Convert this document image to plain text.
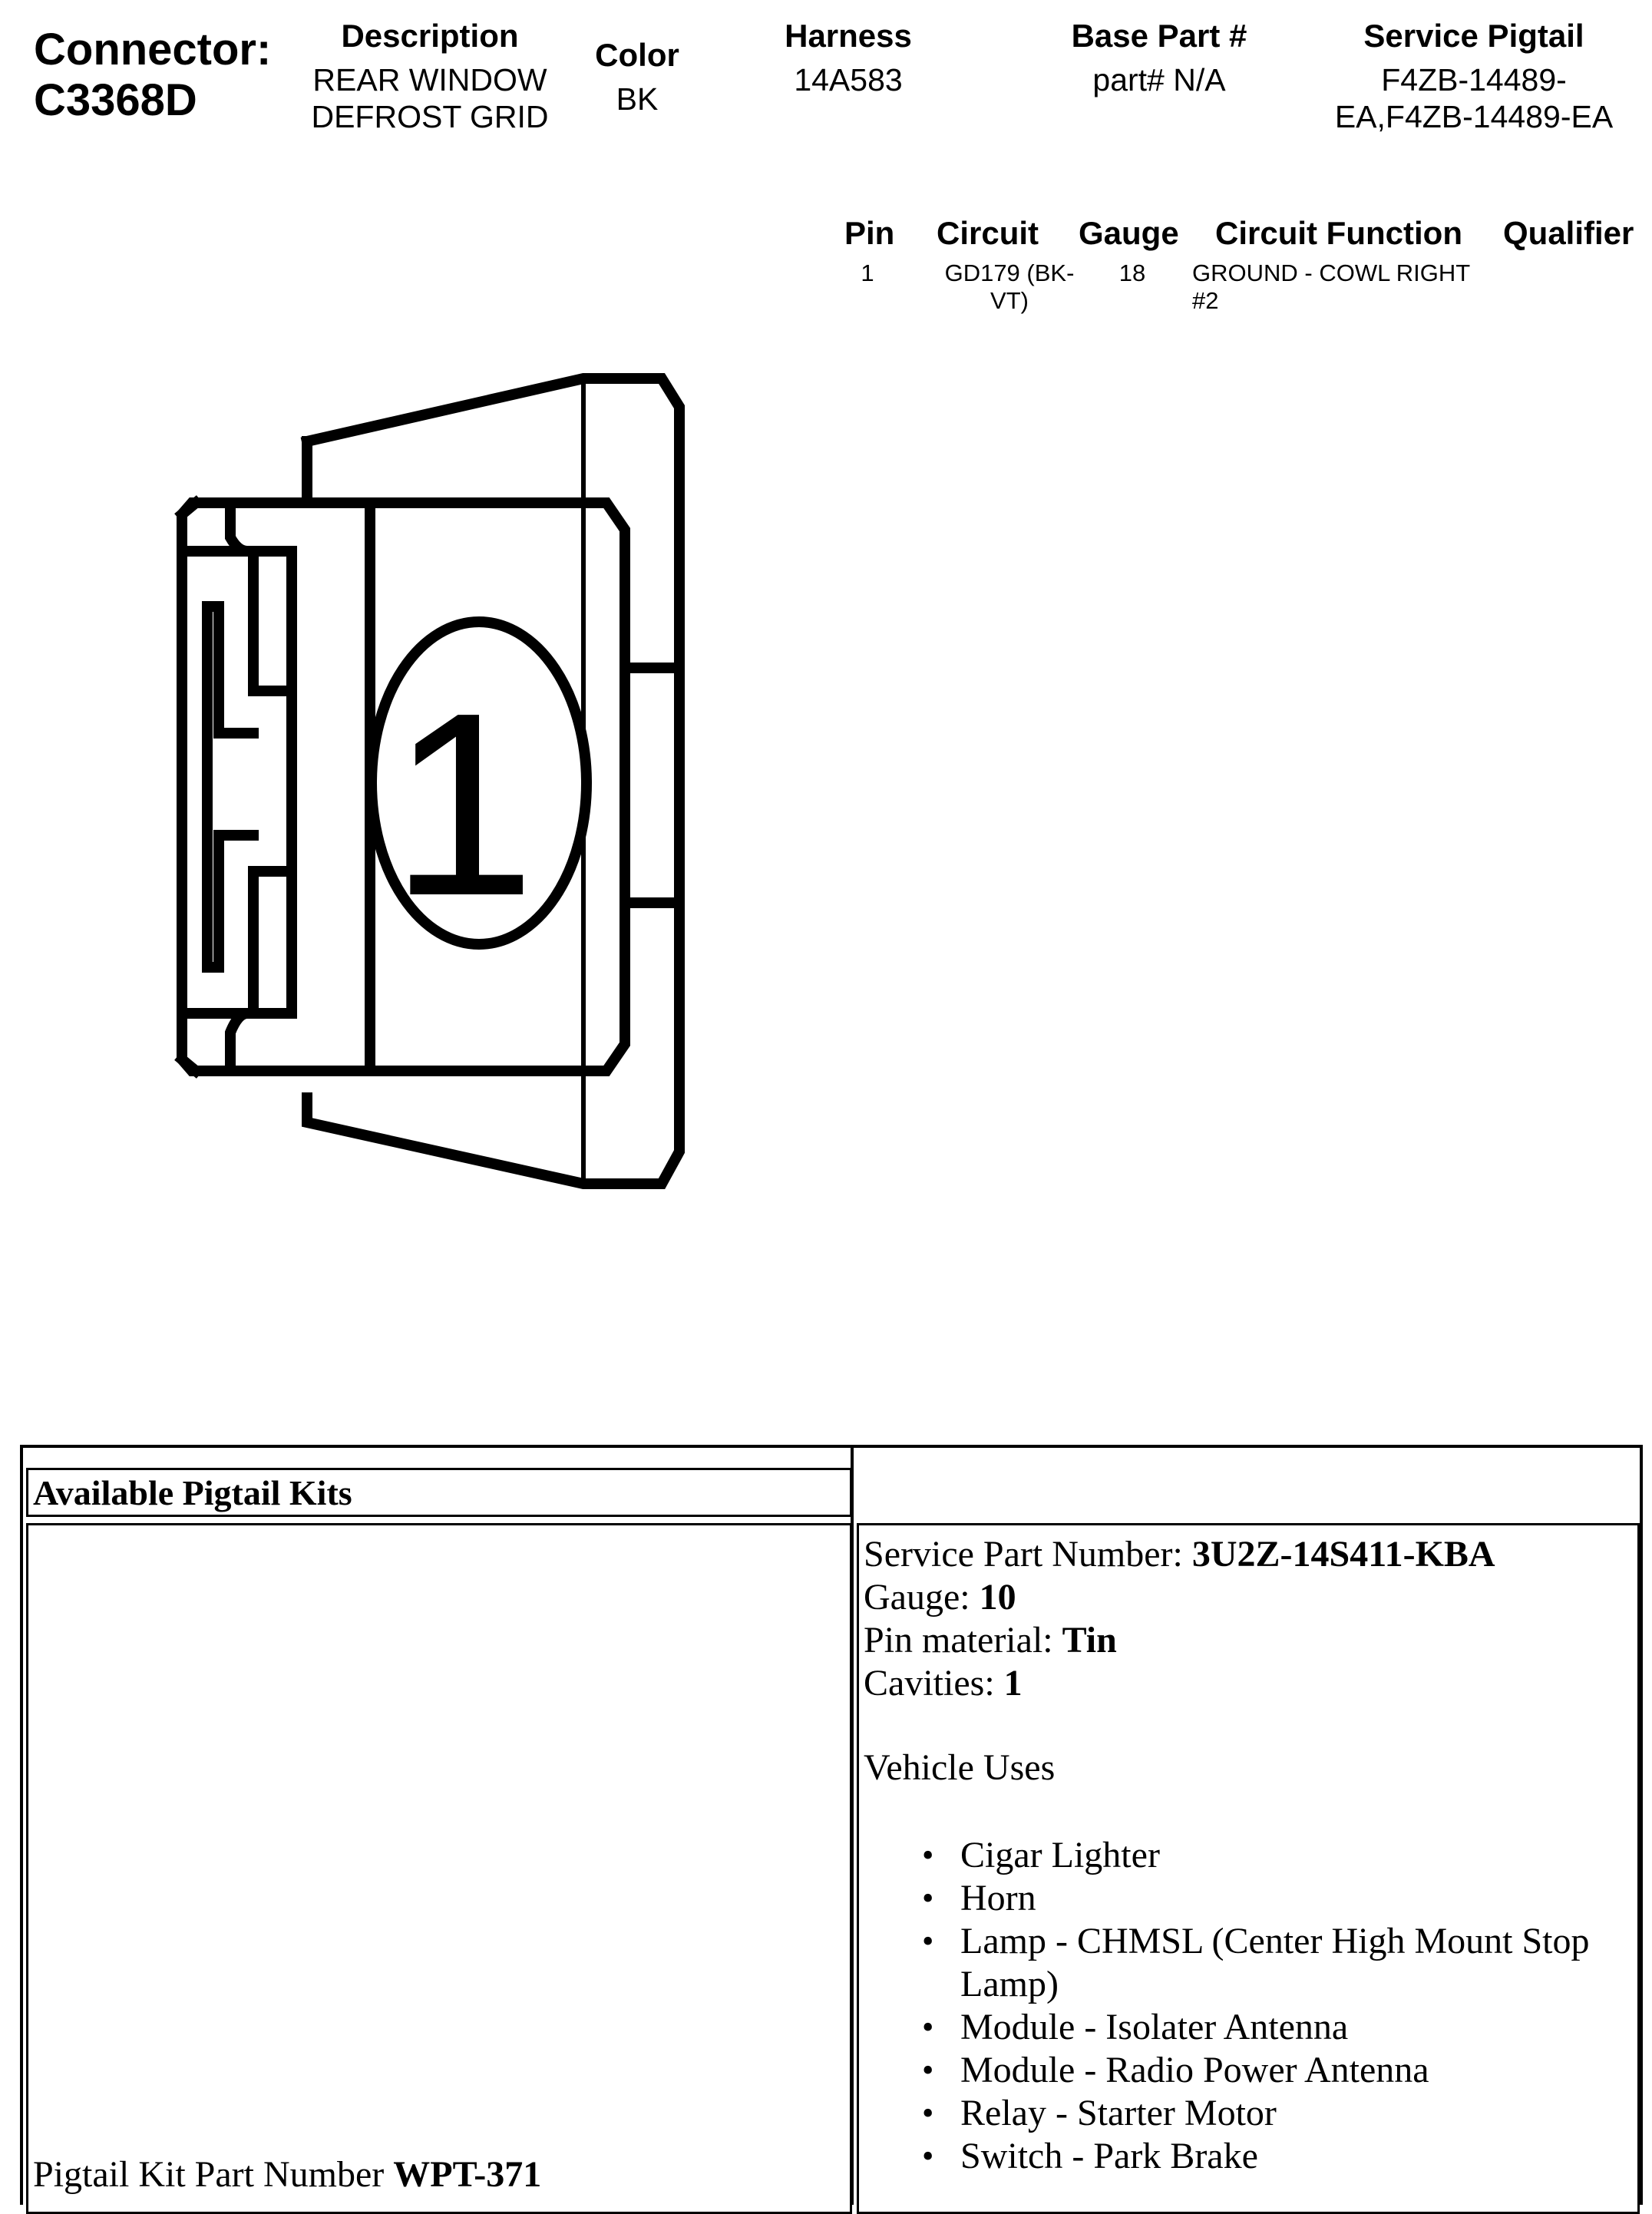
Connector:
C3368D
Description
REAR WINDOW
DEFROST GRID
Color
BK
Harness
14A583
Base Part #
part# N/A
Service Pigtail
F4ZB-14489-
EA,F4ZB-14489-EA
Pin Circuit Gauge Circuit Function Qualifier
1	GD179 (BK-
VT)
18	GROUND - COWL RIGHT
#2
1
Available Pigtail Kits
Pigtail Kit Part Number WPT-371
Service Part Number: 3U2Z-14S411-KBA
Gauge: 10
Pin material: Tin
Cavities: 1
Vehicle Uses
• Cigar Lighter
• Horn
• Lamp - CHMSL (Center High Mount Stop Lamp)
• Module - Isolater Antenna
• Module - Radio Power Antenna
• Relay - Starter Motor
• Switch - Park Brake
